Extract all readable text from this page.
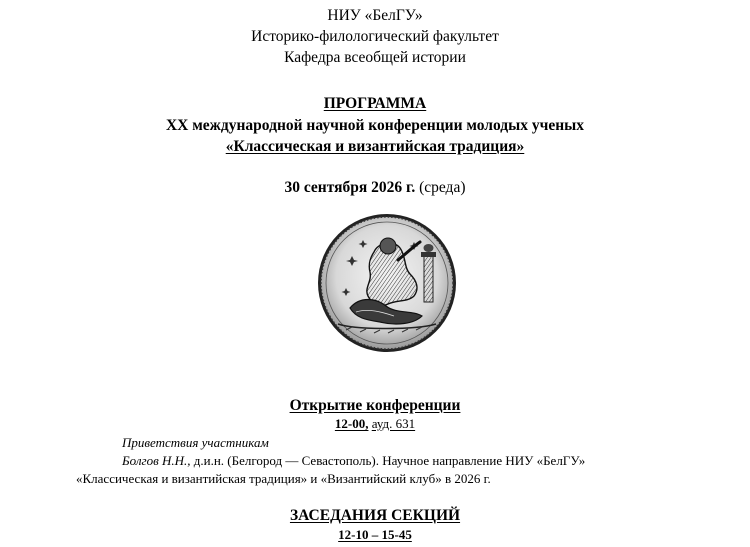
НИУ «БелГУ»
Историко-филологический факультет
Кафедра всеобщей истории
ПРОГРАММА
XX международной научной конференции молодых ученых
«Классическая и византийская традиция»
30 сентября 2026 г. (среда)
Открытие конференции
12-00, ауд. 631
Приветствия участникам
Болгов Н.Н., д.и.н. (Белгород — Севастополь). Научное направление НИУ «БелГУ»
«Классическая и византийская традиция» и «Византийский клуб» в 2026 г.
ЗАСЕДАНИЯ СЕКЦИЙ
12-10 – 15-45
